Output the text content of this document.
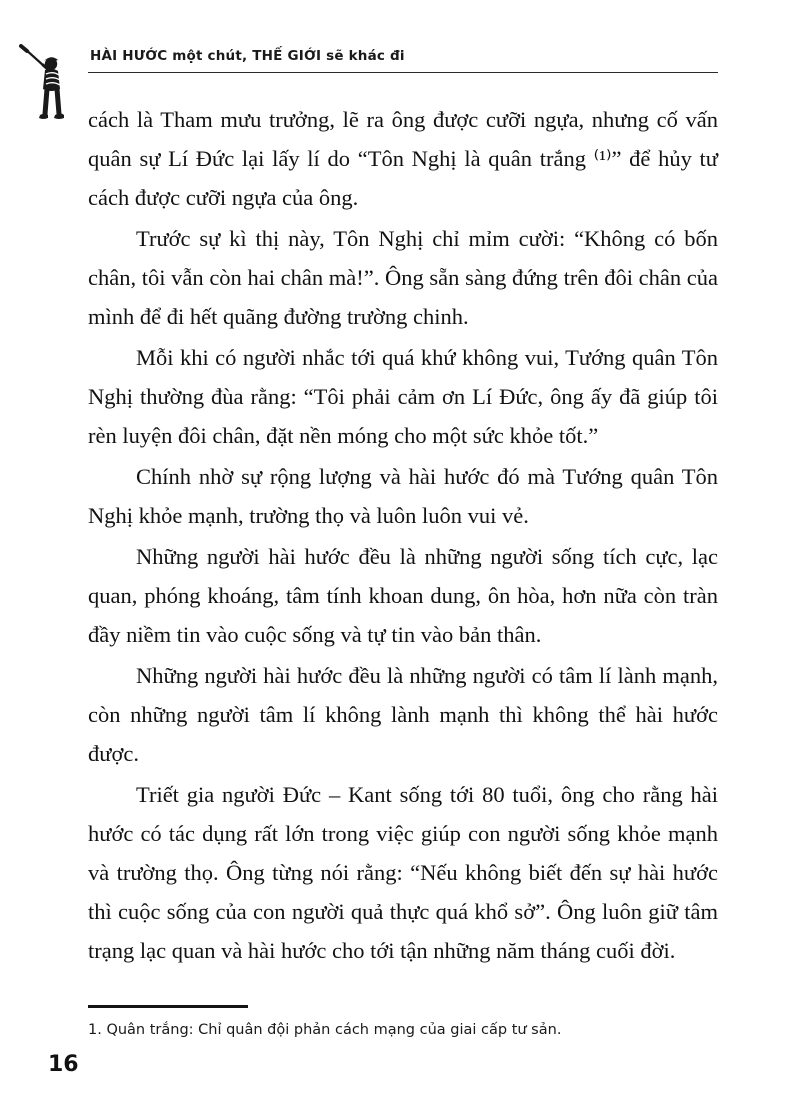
HÀI HƯỚC một chút, THẾ GIỚI sẽ khác đi

cách là Tham mưu trưởng, lẽ ra ông được cưỡi ngựa, nhưng cố vấn quân sự Lí Đức lại lấy lí do “Tôn Nghị là quân trắng ⁽¹⁾” để hủy tư cách được cưỡi ngựa của ông.

Trước sự kì thị này, Tôn Nghị chỉ mỉm cười: “Không có bốn chân, tôi vẫn còn hai chân mà!”. Ông sẵn sàng đứng trên đôi chân của mình để đi hết quãng đường trường chinh.

Mỗi khi có người nhắc tới quá khứ không vui, Tướng quân Tôn Nghị thường đùa rằng: “Tôi phải cảm ơn Lí Đức, ông ấy đã giúp tôi rèn luyện đôi chân, đặt nền móng cho một sức khỏe tốt.”

Chính nhờ sự rộng lượng và hài hước đó mà Tướng quân Tôn Nghị khỏe mạnh, trường thọ và luôn luôn vui vẻ.

Những người hài hước đều là những người sống tích cực, lạc quan, phóng khoáng, tâm tính khoan dung, ôn hòa, hơn nữa còn tràn đầy niềm tin vào cuộc sống và tự tin vào bản thân.

Những người hài hước đều là những người có tâm lí lành mạnh, còn những người tâm lí không lành mạnh thì không thể hài hước được.

Triết gia người Đức – Kant sống tới 80 tuổi, ông cho rằng hài hước có tác dụng rất lớn trong việc giúp con người sống khỏe mạnh và trường thọ. Ông từng nói rằng: “Nếu không biết đến sự hài hước thì cuộc sống của con người quả thực quá khổ sở”. Ông luôn giữ tâm trạng lạc quan và hài hước cho tới tận những năm tháng cuối đời.

1. Quân trắng: Chỉ quân đội phản cách mạng của giai cấp tư sản.
16
